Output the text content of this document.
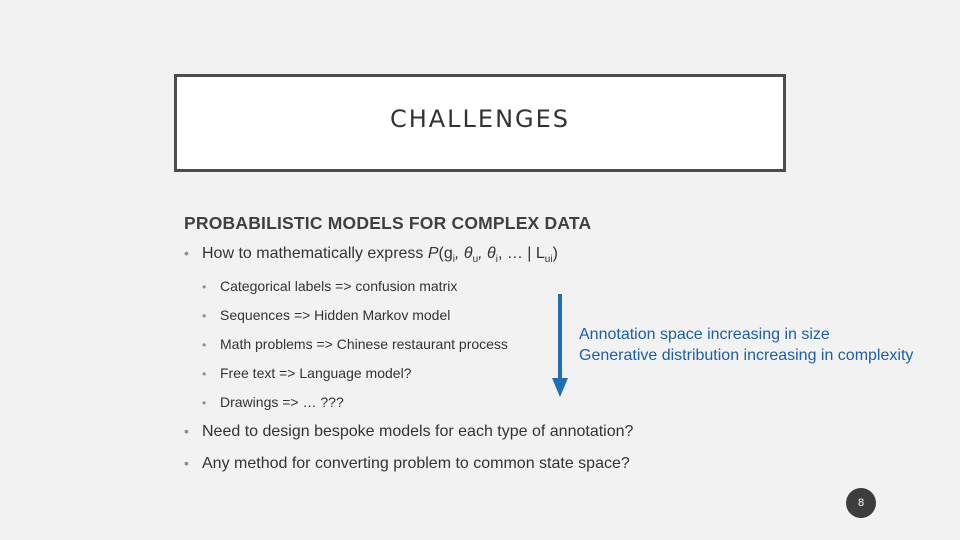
CHALLENGES
PROBABILISTIC MODELS FOR COMPLEX DATA
• How to mathematically express $P(g_i$, $\theta_u$, $\theta_i$, … | $L_{ui}$)
• Categorical labels => confusion matrix
• Sequences => Hidden Markov model
• Math problems => Chinese restaurant process
• Free text => Language model?
• Drawings => … ???
• Need to design bespoke models for each type of annotation?
• Any method for converting problem to common state space?
Annotation space increasing in size
Generative distribution increasing in complexity
8
